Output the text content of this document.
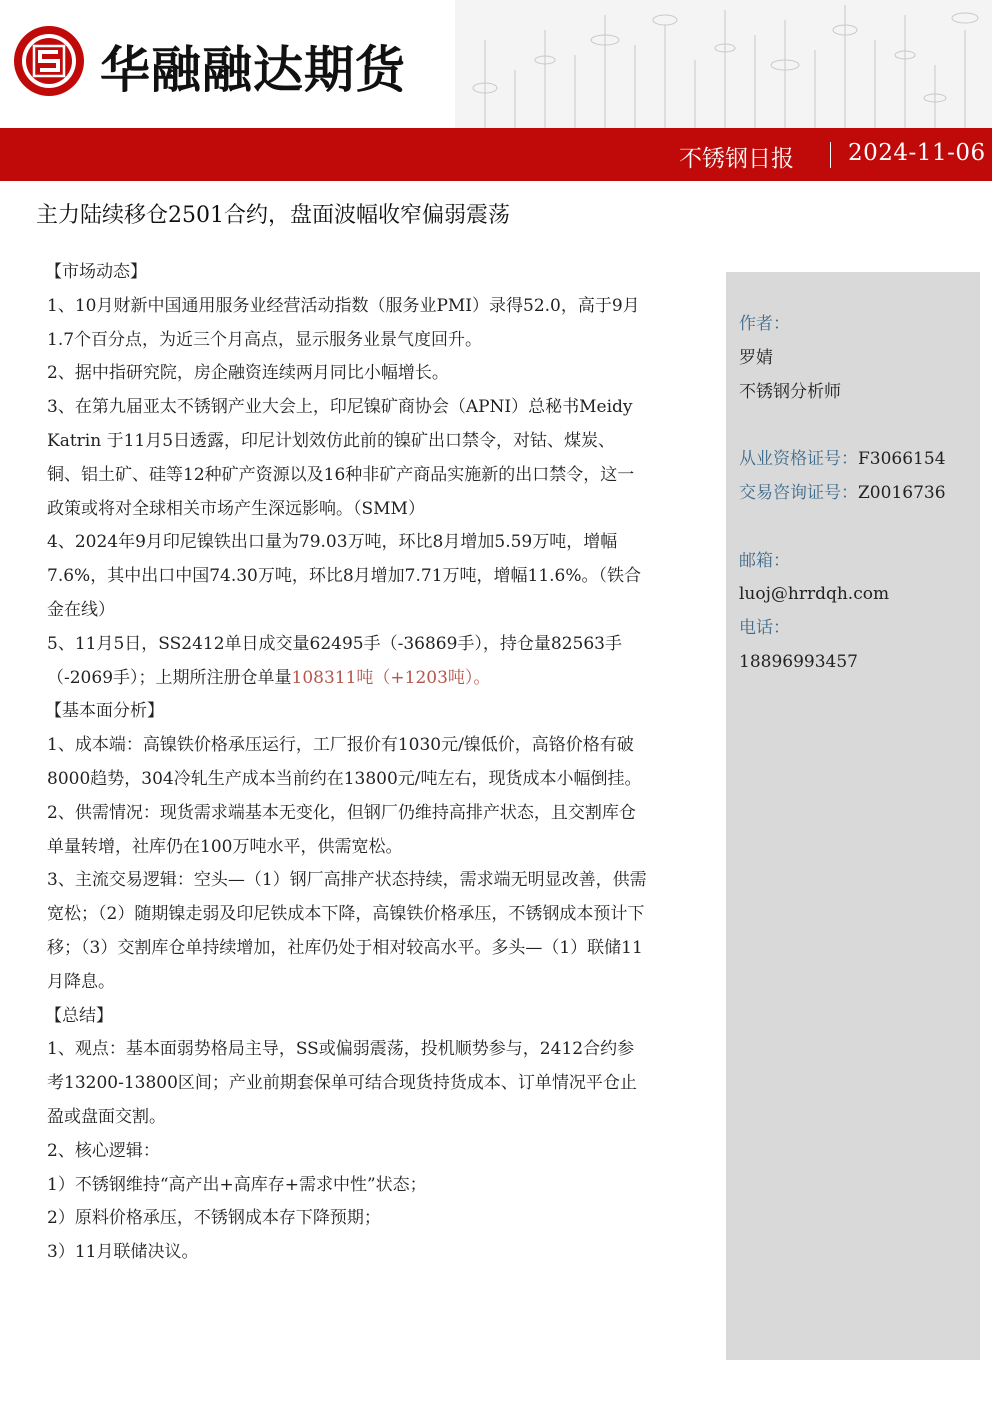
华融融达期货
不锈钢日报 2024-11-06
主力陆续移仓2501合约，盘面波幅收窄偏弱震荡

【市场动态】

1、10月财新中国通用服务业经营活动指数（服务业PMI）录得52.0，高于9月1.7个百分点，为近三个月高点，显示服务业景气度回升。

2、据中指研究院，房企融资连续两月同比小幅增长。

3、在第九届亚太不锈钢产业大会上，印尼镍矿商协会（APNI）总秘书Meidy Katrin 于11月5日透露，印尼计划效仿此前的镍矿出口禁令，对钴、煤炭、铜、铝土矿、硅等12种矿产资源以及16种非矿产商品实施新的出口禁令，这一政策或将对全球相关市场产生深远影响。（SMM）

4、2024年9月印尼镍铁出口量为79.03万吨，环比8月增加5.59万吨，增幅7.6%，其中出口中国74.30万吨，环比8月增加7.71万吨，增幅11.6%。（铁合金在线）

5、11月5日，SS2412单日成交量62495手（-36869手），持仓量82563手（-2069手）；上期所注册仓单量108311吨（+1203吨）。

【基本面分析】

1、成本端：高镍铁价格承压运行，工厂报价有1030元/镍低价，高铬价格有破8000趋势，304冷轧生产成本当前约在13800元/吨左右，现货成本小幅倒挂。

2、供需情况：现货需求端基本无变化，但钢厂仍维持高排产状态，且交割库仓单量转增，社库仍在100万吨水平，供需宽松。

3、主流交易逻辑：空头—（1）钢厂高排产状态持续，需求端无明显改善，供需宽松；（2）随期镍走弱及印尼铁成本下降，高镍铁价格承压，不锈钢成本预计下移；（3）交割库仓单持续增加，社库仍处于相对较高水平。多头—（1）联储11月降息。

【总结】

1、观点：基本面弱势格局主导，SS或偏弱震荡，投机顺势参与，2412合约参考13200-13800区间；产业前期套保单可结合现货持货成本、订单情况平仓止盈或盘面交割。

2、核心逻辑：

1）不锈钢维持“高产出+高库存+需求中性”状态；

2）原料价格承压，不锈钢成本存下降预期；

3）11月联储决议。

作者：

罗婧

不锈钢分析师

从业资格证号：F3066154

交易咨询证号：Z0016736

邮箱：

luoj@hrrdqh.com

电话：

18896993457
